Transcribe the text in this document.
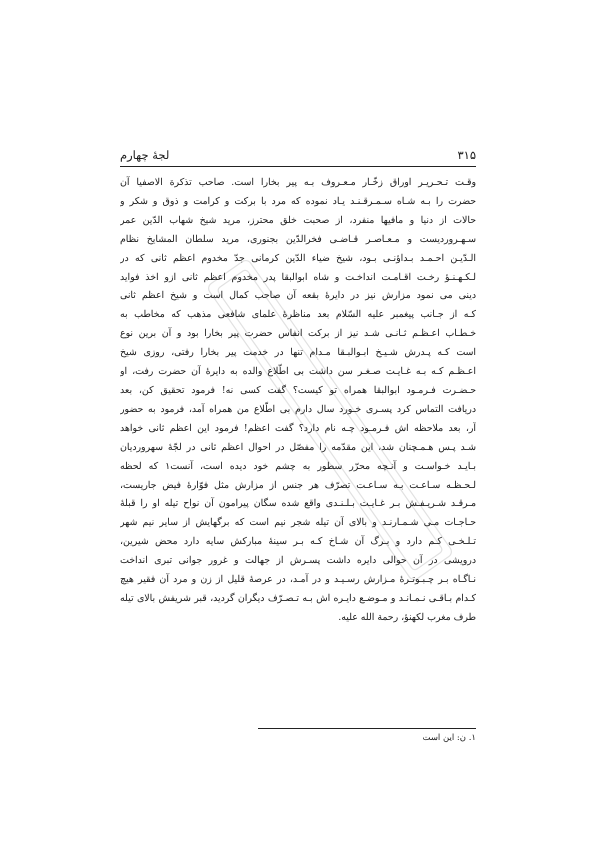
لجۀ چهارم	۳۱۵
وقـت تـحـریـر اوراق زخّـار مـعـروف بـه پیر بخارا است. صاحب تذکرة الاصفیا آن
حضرت را بـه شـاه سـمـرقـنـد یـاد نموده که مرد با برکت و کرامت و ذوق و شکر و
حالات از دنیا و مافیها منفرد، از صحبت خلق محترز، مرید شیخ شهاب الدّین عمر
سـهـروردیست و مـعـاصـر قـاضـی فخرالدّین بجنوری، مرید سلطان المشایخ نظام
الـدّیـن احـمـد بـداؤنـی بـود، شیخ ضیاء الدّین کرمانی جدّ مخدوم اعظم ثانی که در
لـکـهـنـؤ رخـت اقـامـت انداخـت و شاه ابوالبقا پدر مخدوم اعظم ثانی ازو اخذ فواید
دینی می نمود مزارش نیز در دایرۀ بقعه آن صاحب کمال است و شیخ اعظم ثانی
کـه از جـانب پیغمبر علیه السّلام بعد مناظرۀ علمای شافعی مذهب که مخاطب به
خـطـاب اعـظـم ثـانـی شـد نیز از برکت انفاس حضرت پیر بخارا بود و آن برین نوع
است کـه پـدرش شـیـخ ابـوالبـقا مـدام تنها در خدمت پیر بخارا رفتی، روزی شیخ
اعـظـم کـه بـه غـایـت صـغـر سن داشت بی اطّلاع والده به دایرۀ آن حضرت رفت، او
حـضـرت فـرمـود ابوالبقا همراه تو کیست؟ گفت کسی نه! فرمود تحقیق کن، بعد
دریافت التماس کرد پسـری خـورد سال دارم بی اطّلاع من همراه آمد، فرمود به حضور
آر، بعد ملاحظه اش فـرمـود چـه نام دارد؟ گفت اعظم! فرمود این اعظم ثانی خواهد
شـد پـس هـمـچنان شد، این مقدّمه را مفصّل در احوال اعظم ثانی در لجّۀ سهروردیان
بـایـد خـواسـت و آنـچه محرّر سطور به چشم خود دیده است، آنست۱ که لحظه
لـحـظـه سـاعـت بـه سـاعـت تصرّف هر جنس از مزارش مثل فوّارۀ فیض جاریست،
مـرقـد شـریـفـش بـر غـایـت بـلـنـدی واقع شده سگان پیرامون آن نواح تیله او را قبلۀ
حـاجـات مـی شـمـارنـد و بالای آن تیله شجر نیم است که برگهایش از سایر نیم شهر
تـلـخـی کـم دارد و بـرگ آن شـاخ کـه بـر سینۀ مبارکش سایه دارد محض شیرین،
درویشی در آن حوالی دایره داشت پسـرش از جهالت و غرور جوانی تبری انداخت
نـاگـاه بـر چـبـوتـرۀ مـزارش رسـیـد و در آمـد، در عرصۀ قلیل از زن و مرد آن فقیر هیچ
کـدام بـاقـی نـمـانـد و مـوضـع دایـره اش بـه تـصـرّف دیگران گردید، قبر شریفش بالای تیله
طرف مغرب لکهنؤ، رحمة الله علیه.
۱. ن: این است
